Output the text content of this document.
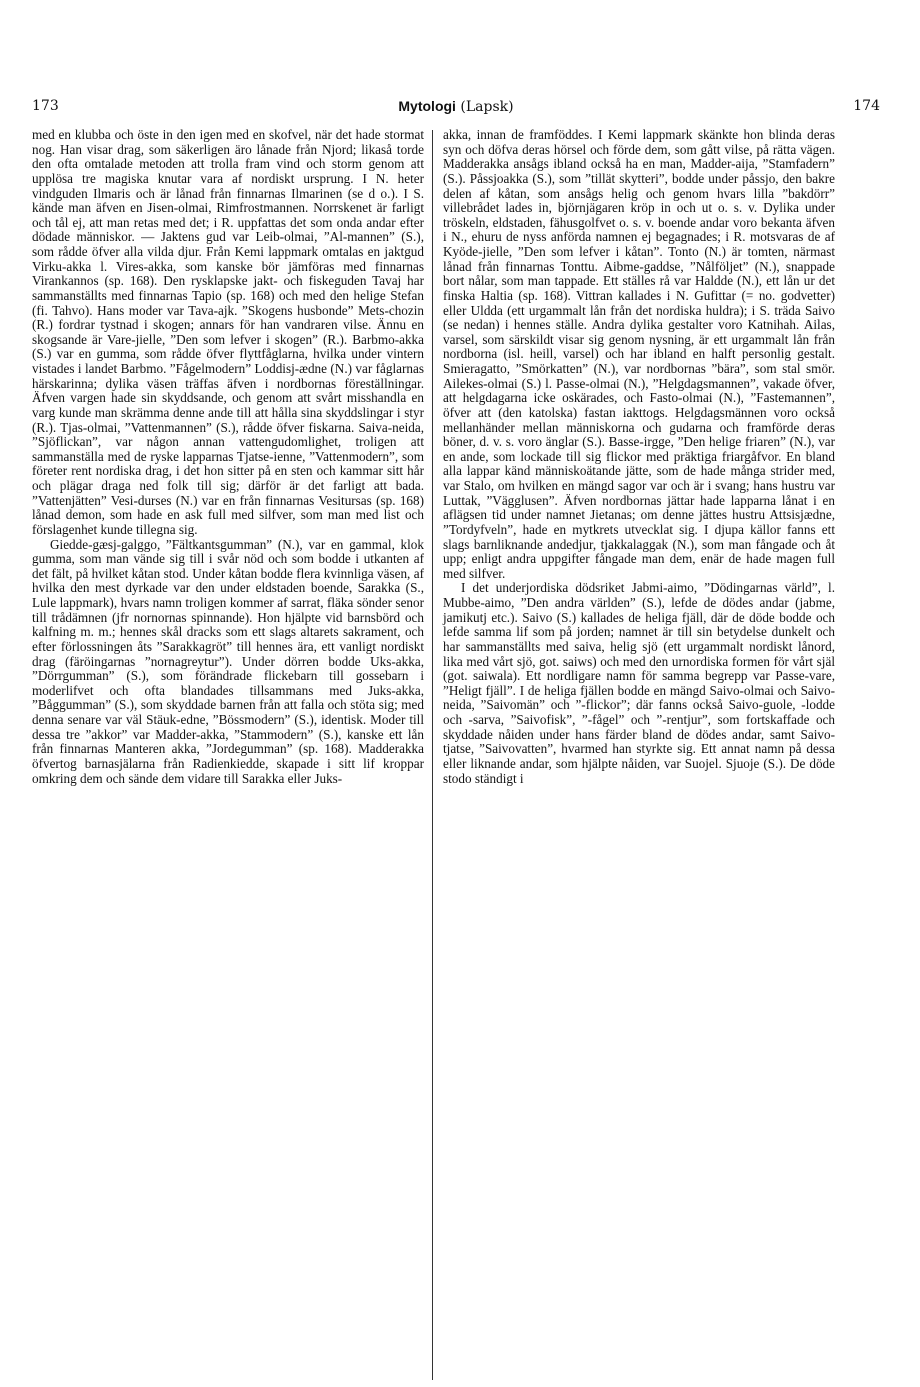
173	Mytologi (Lapsk)	174

med en klubba och öste in den igen med en skofvel, när det hade stormat nog. Han visar drag, som säkerligen äro lånade från Njord; likaså torde den ofta omtalade metoden att trolla fram vind och storm genom att upplösa tre magiska knutar vara af nordiskt ursprung. I N. heter vindguden Ilmaris och är lånad från finnarnas Ilmarinen (se d o.). I S. kände man äfven en Jisen-olmai, Rimfrostmannen. Norrskenet är farligt och tål ej, att man retas med det; i R. uppfattas det som onda andar efter dödade människor. — Jaktens gud var Leib-olmai, ”Al-mannen” (S.), som rådde öfver alla vilda djur. Från Kemi lappmark omtalas en jaktgud Virku-akka l. Vires-akka, som kanske bör jämföras med finnarnas Virankannos (sp. 168). Den rysklapske jakt- och fiskeguden Tavaj har sammanställts med finnarnas Tapio (sp. 168) och med den helige Stefan (fi. Tahvo). Hans moder var Tava-ajk. ”Skogens husbonde” Mets-chozin (R.) fordrar tystnad i skogen; annars för han vandraren vilse. Ännu en skogsande är Vare-jielle, ”Den som lefver i skogen” (R.). Barbmo-akka (S.) var en gumma, som rådde öfver flyttfåglarna, hvilka under vintern vistades i landet Barbmo. ”Fågelmodern” Loddisj-ædne (N.) var fåglarnas härskarinna; dylika väsen träffas äfven i nordbornas föreställningar. Äfven vargen hade sin skyddsande, och genom att svårt misshandla en varg kunde man skrämma denne ande till att hålla sina skyddslingar i styr (R.). Tjas-olmai, ”Vattenmannen” (S.), rådde öfver fiskarna. Saiva-neida, ”Sjöflickan”, var någon annan vattengudomlighet, troligen att sammanställa med de ryske lapparnas Tjatse-ienne, ”Vattenmodern”, som företer rent nordiska drag, i det hon sitter på en sten och kammar sitt hår och plägar draga ned folk till sig; därför är det farligt att bada. ”Vattenjätten” Vesi-durses (N.) var en från finnarnas Vesitursas (sp. 168) lånad demon, som hade en ask full med silfver, som man med list och förslagenhet kunde tillegna sig.

Gieddе-gæsj-galggo, ”Fältkantsgumman” (N.), var en gammal, klok gumma, som man vände sig till i svår nöd och som bodde i utkanten af det fält, på hvilket kåtan stod. Under kåtan bodde flera kvinnliga väsen, af hvilka den mest dyrkade var den under eldstaden boende, Sarakka (S., Lule lappmark), hvars namn troligen kommer af sarrat, fläka sönder senor till trådämnen (jfr nornornas spinnande). Hon hjälpte vid barnsbörd och kalfning m. m.; hennes skål dracks som ett slags altarets sakrament, och efter förlossningen åts ”Sarakkagröt” till hennes ära, ett vanligt nordiskt drag (färöingarnas ”nornagreytur”). Under dörren bodde Uks-akka, ”Dörrgumman” (S.), som förändrade flickebarn till gossebarn i moderlifvet och ofta blandades tillsammans med Juks-akka, ”Båggumman” (S.), som skyddade barnen från att falla och stöta sig; med denna senare var väl Stäuk-edne, ”Bössmodern” (S.), identisk. Moder till dessa tre ”akkor” var Madder-akka, ”Stammodern” (S.), kanske ett lån från finnarnas Manteren akka, ”Jordegumman” (sp. 168). Madderakka öfvertog barnasjälarna från Radienkiedde, skapade i sitt lif kroppar omkring dem och sände dem vidare till Sarakka eller Juks-

akka, innan de framföddes. I Kemi lappmark skänkte hon blinda deras syn och döfva deras hörsel och förde dem, som gått vilse, på rätta vägen. Madderakka ansågs ibland också ha en man, Madder-aija, ”Stamfadern” (S.). Påssjoakka (S.), som ”tillät skytteri”, bodde under påssjo, den bakre delen af kåtan, som ansågs helig och genom hvars lilla ”bakdörr” villebrådet lades in, björnjägaren kröp in och ut o. s. v. Dylika under tröskeln, eldstaden, fähusgolfvet o. s. v. boende andar voro bekanta äfven i N., ehuru de nyss anförda namnen ej begagnades; i R. motsvaras de af Kyöde-jielle, ”Den som lefver i kåtan”. Tonto (N.) är tomten, närmast lånad från finnarnas Tonttu. Aibme-gaddse, ”Nålföljet” (N.), snappade bort nålar, som man tappade. Ett ställes rå var Haldde (N.), ett lån ur det finska Haltia (sp. 168). Vittran kallades i N. Gufittar (= no. godvetter) eller Uldda (ett urgammalt lån från det nordiska huldra); i S. träda Saivo (se nedan) i hennes ställe. Andra dylika gestalter voro Katnihah. Ailas, varsel, som särskildt visar sig genom nysning, är ett urgammalt lån från nordborna (isl. heill, varsel) och har ibland en halft personlig gestalt. Smieragatto, ”Smörkatten” (N.), var nordbornas ”bära”, som stal smör. Ailekes-olmai (S.) l. Passe-olmai (N.), ”Helgdagsmannen”, vakade öfver, att helgdagarna icke oskärades, och Fasto-olmai (N.), ”Fastemannen”, öfver att (den katolska) fastan iakttogs. Helgdagsmännen voro också mellanhänder mellan människorna och gudarna och framförde deras böner, d. v. s. voro änglar (S.). Basse-irgge, ”Den helige friaren” (N.), var en ande, som lockade till sig flickor med präktiga friargåfvor. En bland alla lappar känd människoätande jätte, som de hade många strider med, var Stalo, om hvilken en mängd sagor var och är i svang; hans hustru var Luttak, ”Vägglusen”. Äfven nordbornas jättar hade lapparna lånat i en aflägsen tid under namnet Jietanas; om denne jättes hustru Attsisjædne, ”Tordyfveln”, hade en mytkrets utvecklat sig. I djupa källor fanns ett slags barnliknande andedjur, tjakkalaggak (N.), som man fångade och åt upp; enligt andra uppgifter fångade man dem, enär de hade magen full med silfver.

I det underjordiska dödsriket Jabmi-aimo, ”Dödingarnas värld”, l. Mubbe-aimo, ”Den andra världen” (S.), lefde de dödes andar (jabme, jamikutj etc.). Saivo (S.) kallades de heliga fjäll, där de döde bodde och lefde samma lif som på jorden; namnet är till sin betydelse dunkelt och har sammanställts med saiva, helig sjö (ett urgammalt nordiskt lånord, lika med vårt sjö, got. saiws) och med den urnordiska formen för vårt själ (got. saiwala). Ett nordligare namn för samma begrepp var Passe-vare, ”Heligt fjäll”. I de heliga fjällen bodde en mängd Saivo-olmai och Saivo-neida, ”Saivomän” och ”-flickor”; där fanns också Saivo-guole, -lodde och -sarva, ”Saivofisk”, ”-fågel” och ”-rentjur”, som fortskaffade och skyddade nåiden under hans färder bland de dödes andar, samt Saivo-tjatse, ”Saivovatten”, hvarmed han styrkte sig. Ett annat namn på dessa eller liknande andar, som hjälpte nåiden, var Suojel. Sjuoje (S.). De döde stodo ständigt i
